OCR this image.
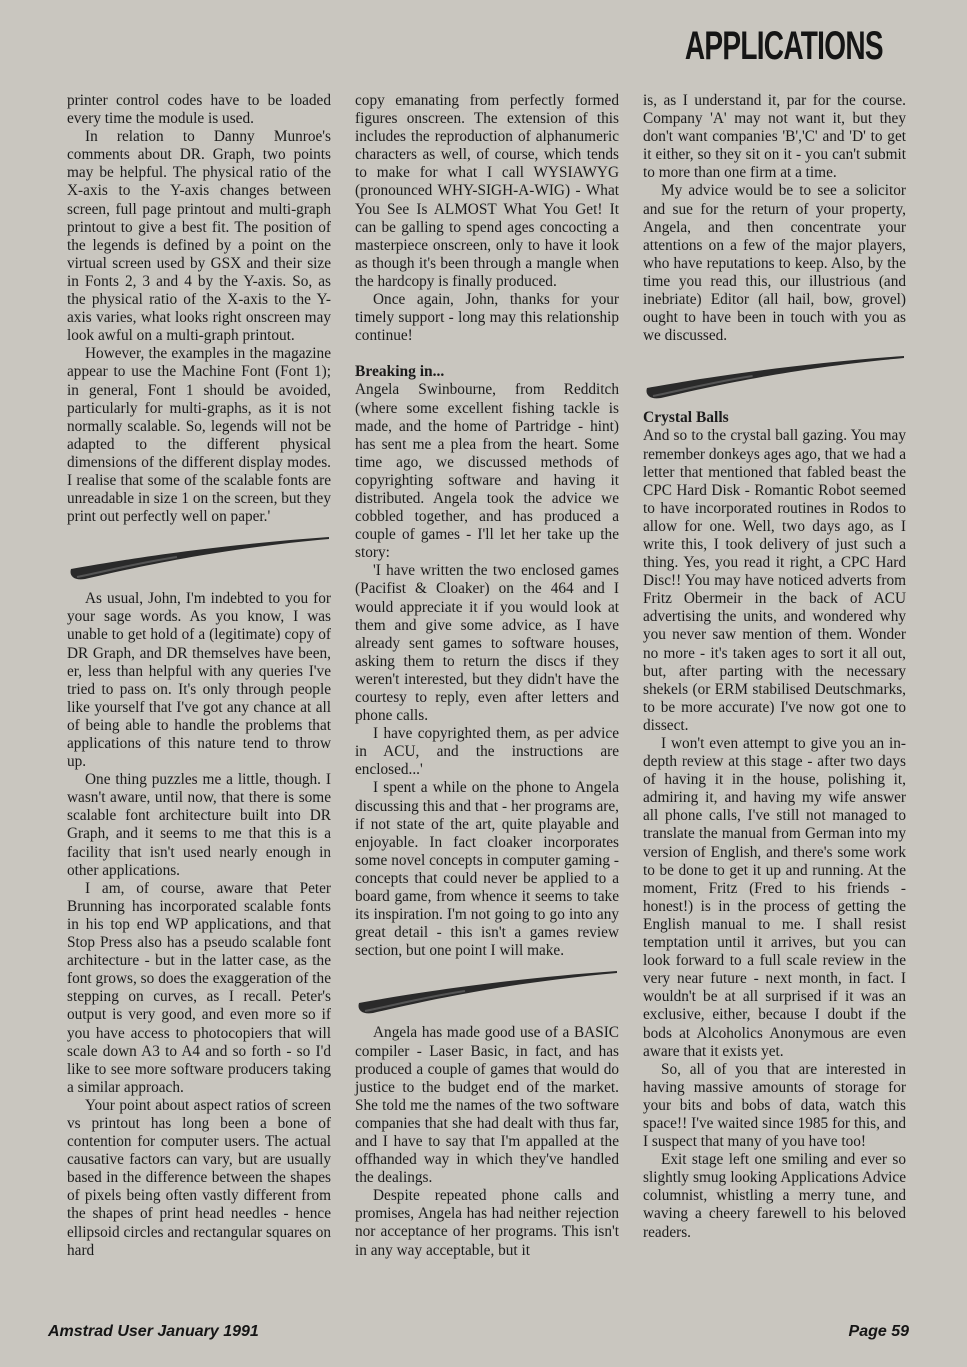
APPLICATIONS

printer control codes have to be loaded every time the module is used.

In relation to Danny Munroe's comments about DR. Graph, two points may be helpful. The physical ratio of the X-axis to the Y-axis changes between screen, full page printout and multi-graph printout to give a best fit. The position of the legends is defined by a point on the virtual screen used by GSX and their size in Fonts 2, 3 and 4 by the Y-axis. So, as the physical ratio of the X-axis to the Y-axis varies, what looks right onscreen may look awful on a multi-graph printout.

However, the examples in the magazine appear to use the Machine Font (Font 1); in general, Font 1 should be avoided, particularly for multi-graphs, as it is not normally scalable. So, legends will not be adapted to the different physical dimensions of the different display modes. I realise that some of the scalable fonts are unreadable in size 1 on the screen, but they print out perfectly well on paper.'

As usual, John, I'm indebted to you for your sage words. As you know, I was unable to get hold of a (legitimate) copy of DR Graph, and DR themselves have been, er, less than helpful with any queries I've tried to pass on. It's only through people like yourself that I've got any chance at all of being able to handle the problems that applications of this nature tend to throw up.

One thing puzzles me a little, though. I wasn't aware, until now, that there is some scalable font architecture built into DR Graph, and it seems to me that this is a facility that isn't used nearly enough in other applications.

I am, of course, aware that Peter Brunning has incorporated scalable fonts in his top end WP applications, and that Stop Press also has a pseudo scalable font architecture - but in the latter case, as the font grows, so does the exaggeration of the stepping on curves, as I recall. Peter's output is very good, and even more so if you have access to photocopiers that will scale down A3 to A4 and so forth - so I'd like to see more software producers taking a similar approach.

Your point about aspect ratios of screen vs printout has long been a bone of contention for computer users. The actual causative factors can vary, but are usually based in the difference between the shapes of pixels being often vastly different from the shapes of print head needles - hence ellipsoid circles and rectangular squares on hard

copy emanating from perfectly formed figures onscreen. The extension of this includes the reproduction of alphanumeric characters as well, of course, which tends to make for what I call WYSIAWYG (pronounced WHY-SIGH-A-WIG) - What You See Is ALMOST What You Get! It can be galling to spend ages concocting a masterpiece onscreen, only to have it look as though it's been through a mangle when the hardcopy is finally produced.

Once again, John, thanks for your timely support - long may this relationship continue!

Breaking in...

Angela Swinbourne, from Redditch (where some excellent fishing tackle is made, and the home of Partridge - hint) has sent me a plea from the heart. Some time ago, we discussed methods of copyrighting software and having it distributed. Angela took the advice we cobbled together, and has produced a couple of games - I'll let her take up the story:

'I have written the two enclosed games (Pacifist & Cloaker) on the 464 and I would appreciate it if you would look at them and give some advice, as I have already sent games to software houses, asking them to return the discs if they weren't interested, but they didn't have the courtesy to reply, even after letters and phone calls.

I have copyrighted them, as per advice in ACU, and the instructions are enclosed...'

I spent a while on the phone to Angela discussing this and that - her programs are, if not state of the art, quite playable and enjoyable. In fact cloaker incorporates some novel concepts in computer gaming - concepts that could never be applied to a board game, from whence it seems to take its inspiration. I'm not going to go into any great detail - this isn't a games review section, but one point I will make.

Angela has made good use of a BASIC compiler - Laser Basic, in fact, and has produced a couple of games that would do justice to the budget end of the market. She told me the names of the two software companies that she had dealt with thus far, and I have to say that I'm appalled at the offhanded way in which they've handled the dealings.

Despite repeated phone calls and promises, Angela has had neither rejection nor acceptance of her programs. This isn't in any way acceptable, but it

is, as I understand it, par for the course. Company 'A' may not want it, but they don't want companies 'B','C' and 'D' to get it either, so they sit on it - you can't submit to more than one firm at a time.

My advice would be to see a solicitor and sue for the return of your property, Angela, and then concentrate your attentions on a few of the major players, who have reputations to keep. Also, by the time you read this, our illustrious (and inebriate) Editor (all hail, bow, grovel) ought to have been in touch with you as we discussed.

Crystal Balls

And so to the crystal ball gazing. You may remember donkeys ages ago, that we had a letter that mentioned that fabled beast the CPC Hard Disk - Romantic Robot seemed to have incorporated routines in Rodos to allow for one. Well, two days ago, as I write this, I took delivery of just such a thing. Yes, you read it right, a CPC Hard Disc!! You may have noticed adverts from Fritz Obermeir in the back of ACU advertising the units, and wondered why you never saw mention of them. Wonder no more - it's taken ages to sort it all out, but, after parting with the necessary shekels (or ERM stabilised Deutschmarks, to be more accurate) I've now got one to dissect.

I won't even attempt to give you an in-depth review at this stage - after two days of having it in the house, polishing it, admiring it, and having my wife answer all phone calls, I've still not managed to translate the manual from German into my version of English, and there's some work to be done to get it up and running. At the moment, Fritz (Fred to his friends - honest!) is in the process of getting the English manual to me. I shall resist temptation until it arrives, but you can look forward to a full scale review in the very near future - next month, in fact. I wouldn't be at all surprised if it was an exclusive, either, because I doubt if the bods at Alcoholics Anonymous are even aware that it exists yet.

So, all of you that are interested in having massive amounts of storage for your bits and bobs of data, watch this space!! I've waited since 1985 for this, and I suspect that many of you have too!

Exit stage left one smiling and ever so slightly smug looking Applications Advice columnist, whistling a merry tune, and waving a cheery farewell to his beloved readers.

Amstrad User January 1991	Page 59
